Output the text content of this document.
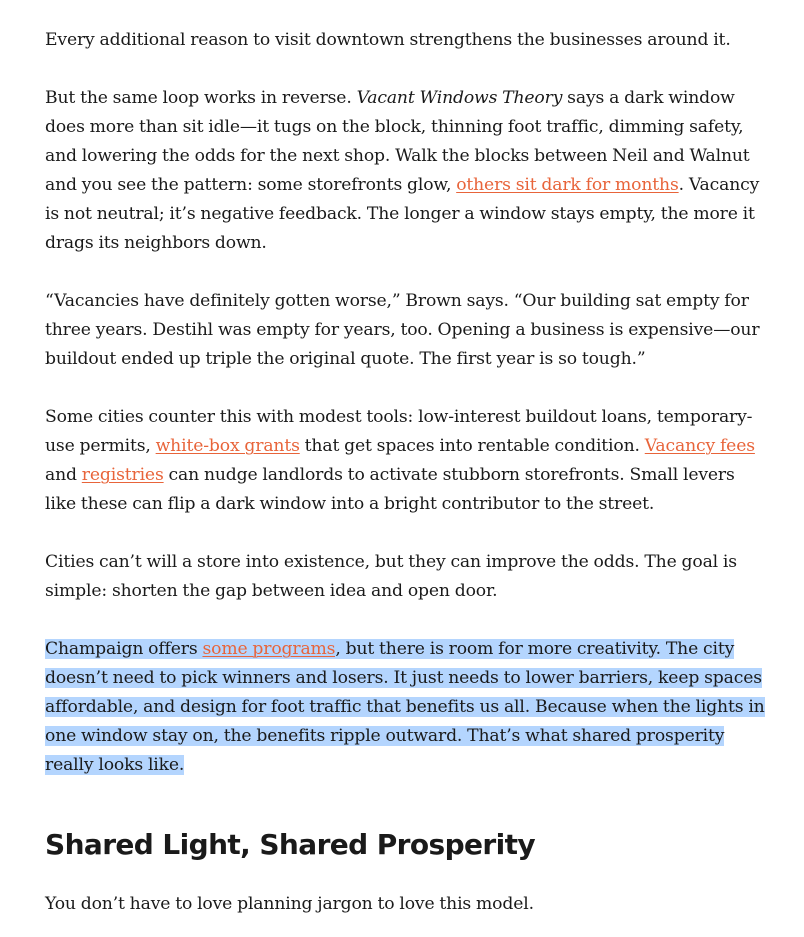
Every additional reason to visit downtown strengthens the businesses around it.

But the same loop works in reverse. Vacant Windows Theory says a dark window does more than sit idle—it tugs on the block, thinning foot traffic, dimming safety, and lowering the odds for the next shop. Walk the blocks between Neil and Walnut and you see the pattern: some storefronts glow, others sit dark for months. Vacancy is not neutral; it’s negative feedback. The longer a window stays empty, the more it drags its neighbors down.

“Vacancies have definitely gotten worse,” Brown says. “Our building sat empty for three years. Destihl was empty for years, too. Opening a business is expensive—our buildout ended up triple the original quote. The first year is so tough.”

Some cities counter this with modest tools: low-interest buildout loans, temporary-use permits, white-box grants that get spaces into rentable condition. Vacancy fees and registries can nudge landlords to activate stubborn storefronts. Small levers like these can flip a dark window into a bright contributor to the street.

Cities can’t will a store into existence, but they can improve the odds. The goal is simple: shorten the gap between idea and open door.

Champaign offers some programs, but there is room for more creativity. The city doesn’t need to pick winners and losers. It just needs to lower barriers, keep spaces affordable, and design for foot traffic that benefits us all. Because when the lights in one window stay on, the benefits ripple outward. That’s what shared prosperity really looks like.

Shared Light, Shared Prosperity

You don’t have to love planning jargon to love this model.
